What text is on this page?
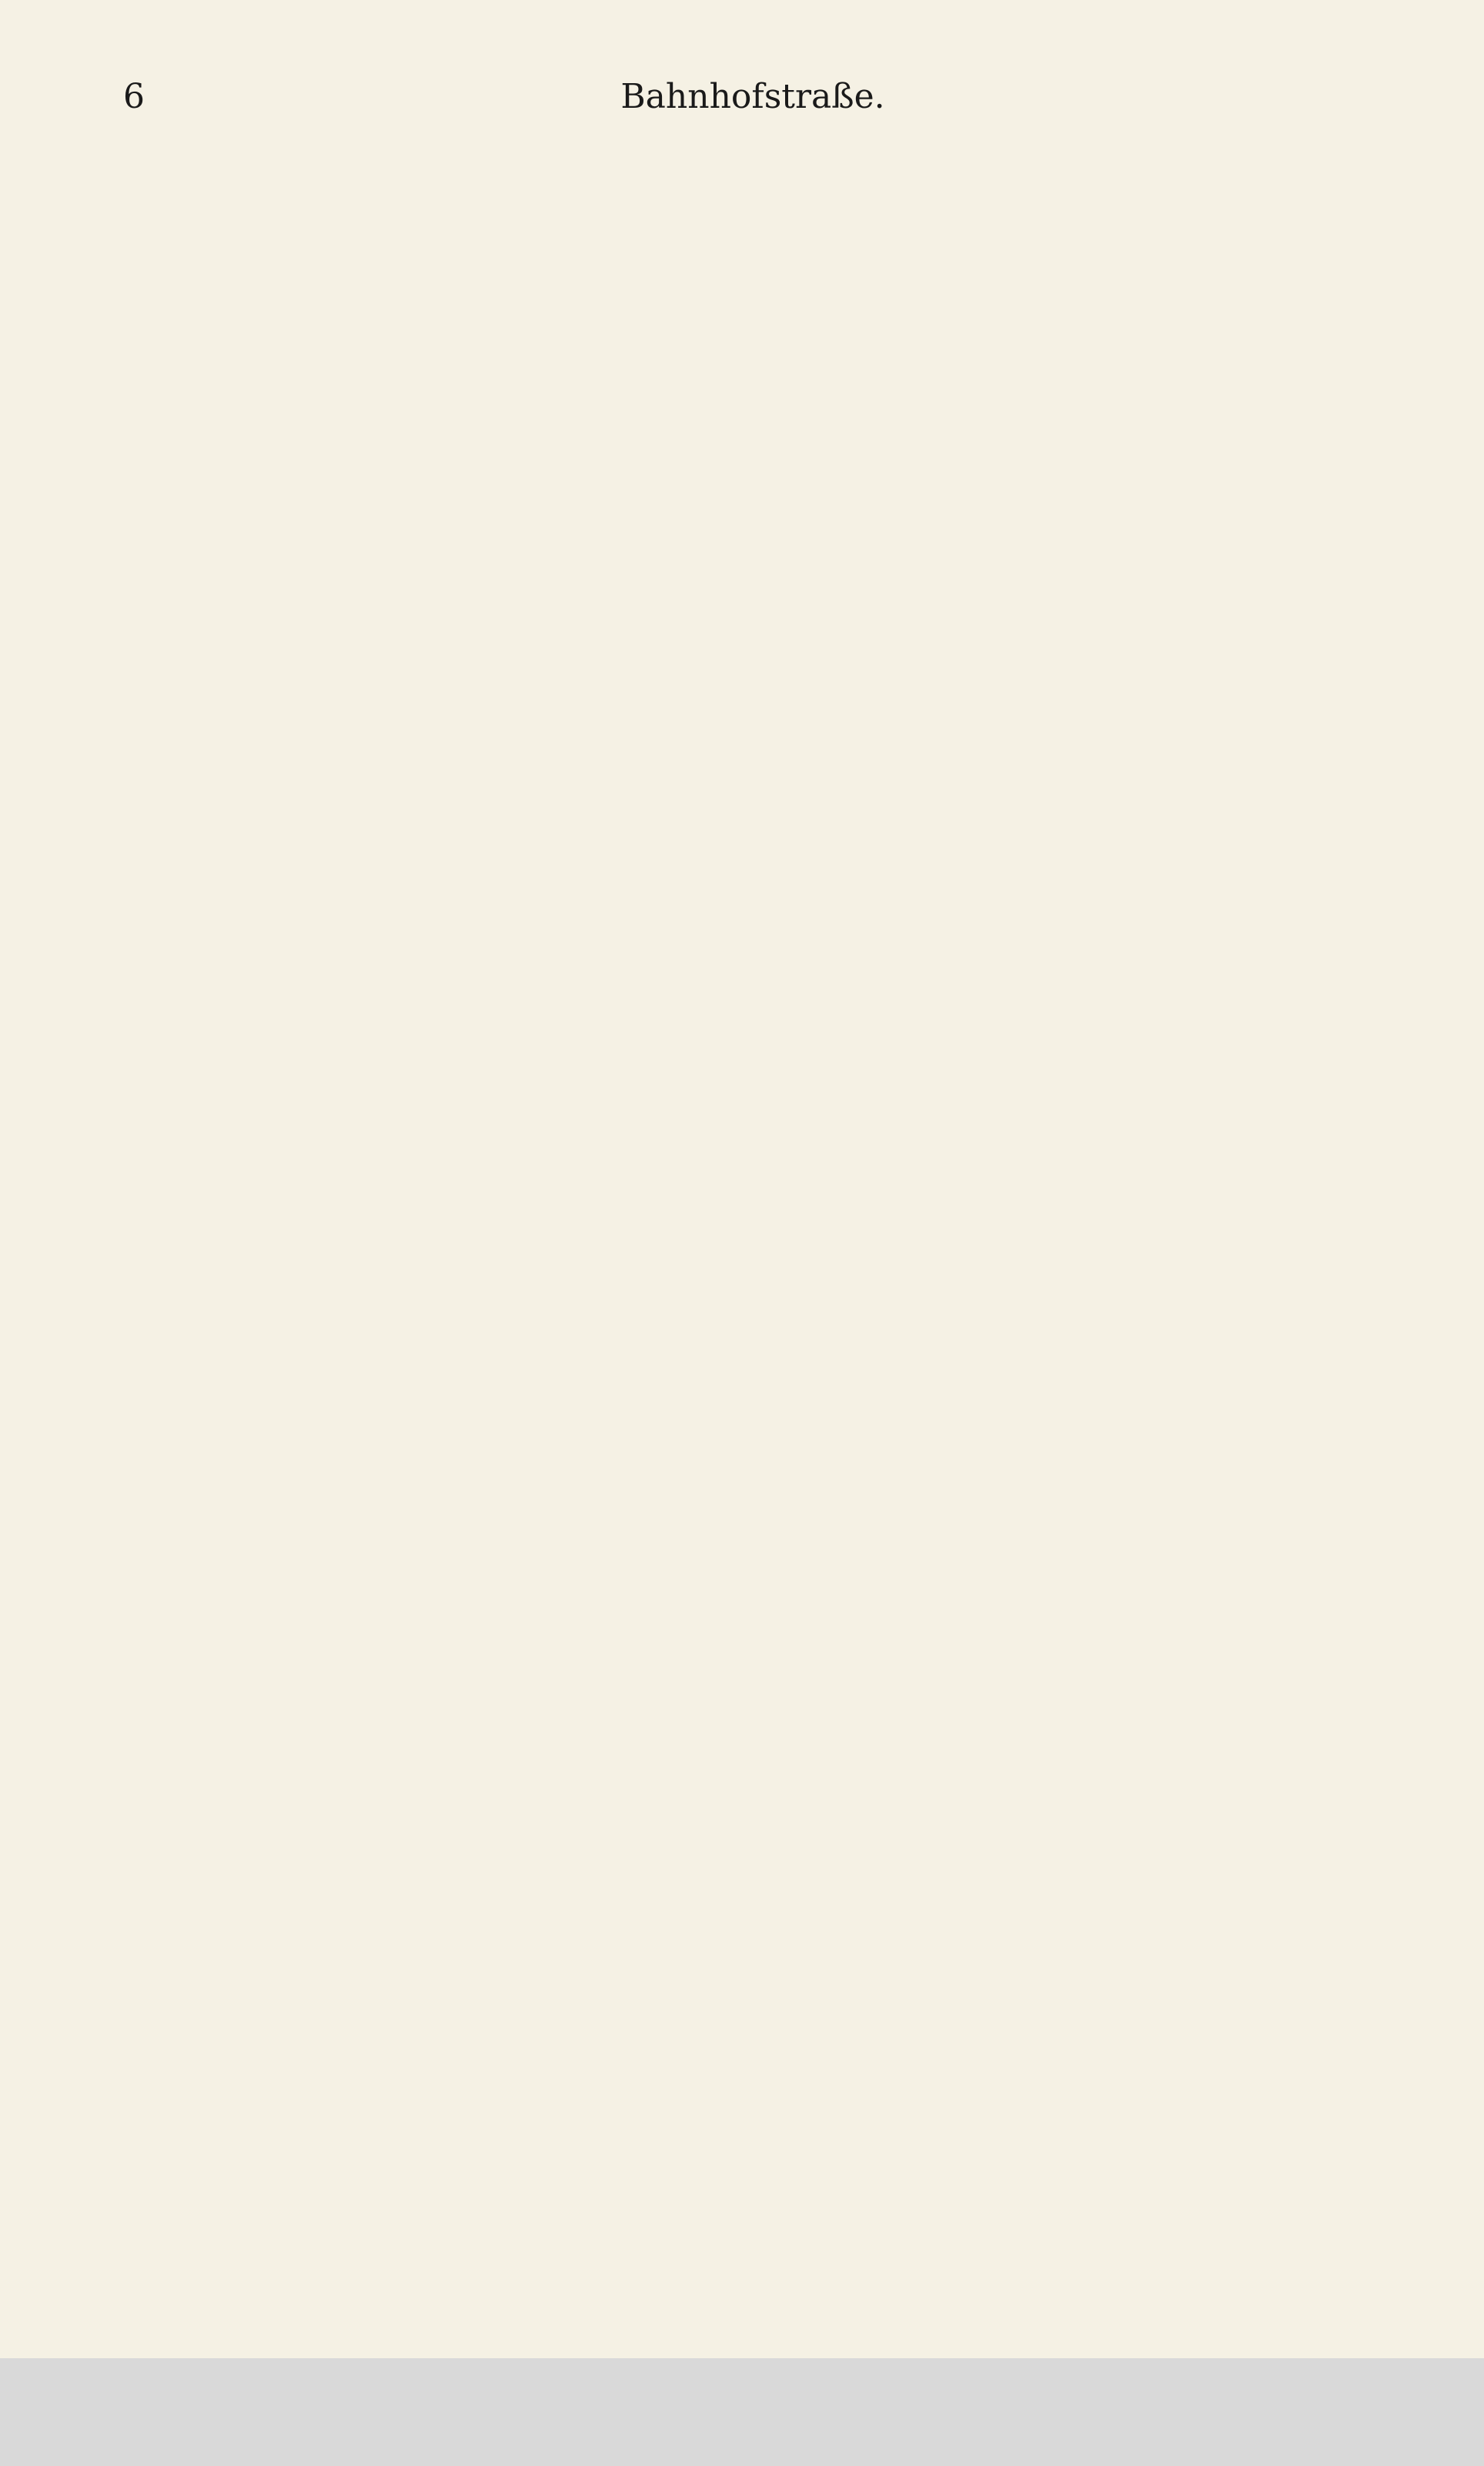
6	Bahnhofstraße.
